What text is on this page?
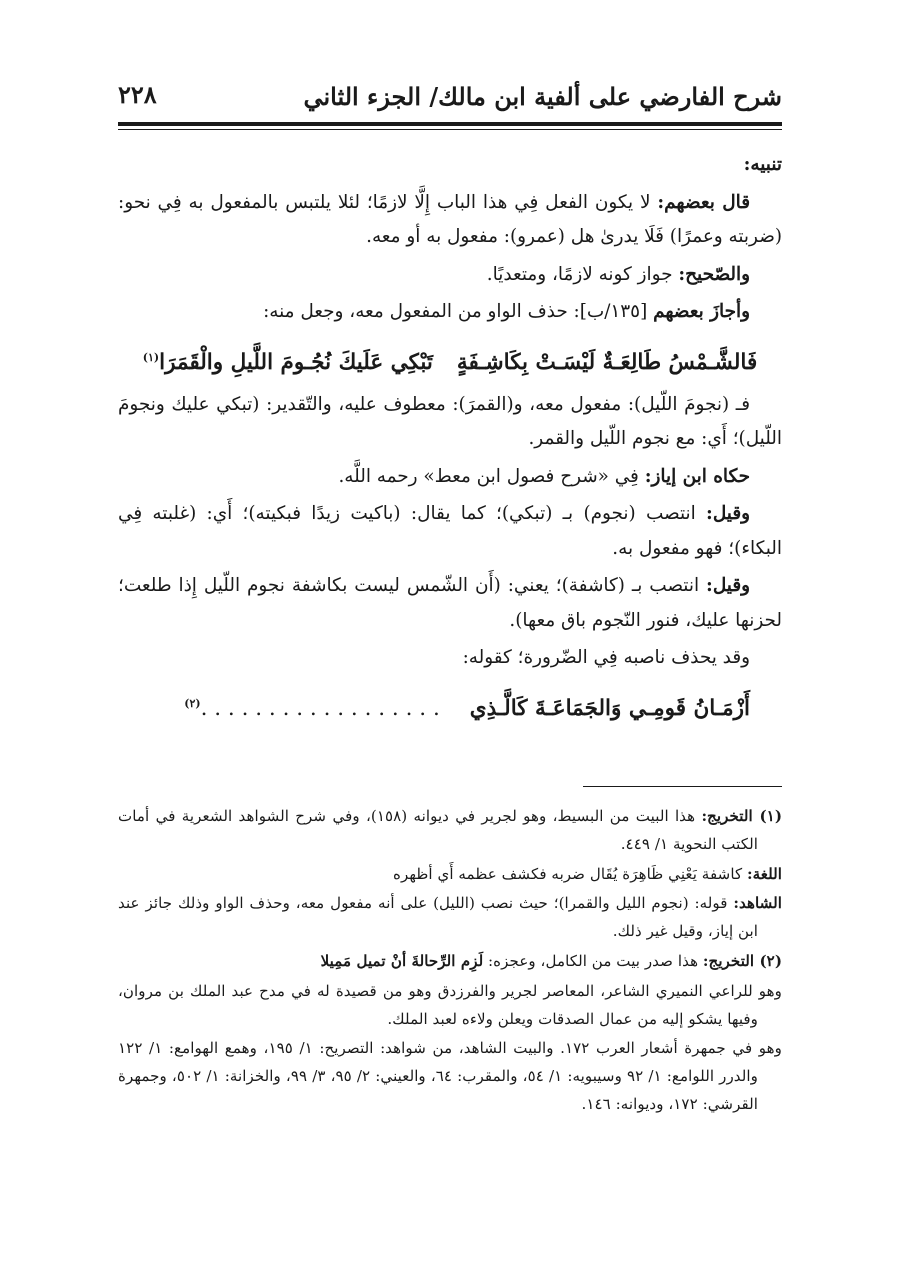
شرح الفارضي على ألفية ابن مالك/ الجزء الثاني
٢٢٨

تنبيه:

قال بعضهم: لا يكون الفعل فِي هذا الباب إِلَّا لازمًا؛ لئلا يلتبس بالمفعول به فِي نحو: (ضربته وعمرًا) فَلَا يدرىٰ هل (عمرو): مفعول به أو معه.

والصّحيح: جواز كونه لازمًا، ومتعديًا.

وأجازَ بعضهم [١٣٥/ب]: حذف الواو من المفعول معه، وجعل منه:

فَالشَّـمْسُ طَالِعَـةٌ لَيْسَـتْ بِكَاشِـفَةٍتَبْكِي عَلَيكَ نُجُـومَ اللَّيلِ والْقَمَرَا$^{(١)}$

فـ (نجومَ اللّيل): مفعول معه، و(القمرَ): معطوف عليه، والتّقدير: (تبكي عليك ونجومَ اللّيل)؛ أَي: مع نجوم اللّيل والقمر.

حكاه ابن إياز: فِي «شرح فصول ابن معط» رحمه اللَّه.

وقيل: انتصب (نجوم) بـ (تبكي)؛ كما يقال: (باكيت زيدًا فبكيته)؛ أَي: (غلبته فِي البكاء)؛ فهو مفعول به.

وقيل: انتصب بـ (كاشفة)؛ يعني: (أَن الشّمس ليست بكاشفة نجوم اللّيل إِذا طلعت؛ لحزنها عليك، فنور النّجوم باق معها).

وقد يحذف ناصبه فِي الضّرورة؛ كقوله:

أَزْمَـانُ قَومِـي وَالجَمَاعَـةَ كَالَّـذِي    . . . . . . . . . . . . . . . . . .$^{(٢)}$

(١) التخريج: هذا البيت من البسيط، وهو لجرير في ديوانه (١٥٨)، وفي شرح الشواهد الشعرية في أمات الكتب النحوية ١/ ٤٤٩.

اللغة: كاشفة يَعْنِي ظَاهِرَة يُقَال ضربه فكشف عظمه أَي أظهره

الشاهد: قوله: (نجوم الليل والقمرا)؛ حيث نصب (الليل) على أنه مفعول معه، وحذف الواو وذلك جائز عند ابن إياز، وقيل غير ذلك.

(٢) التخريج: هذا صدر بيت من الكامل، وعجزه: لَزِم الرِّحالةَ أنْ تميل مَمِيلا

وهو للراعي النميري الشاعر، المعاصر لجرير والفرزدق وهو من قصيدة له في مدح عبد الملك بن مروان، وفيها يشكو إليه من عمال الصدقات ويعلن ولاءه لعبد الملك.

وهو في جمهرة أشعار العرب ١٧٢. والبيت الشاهد، من شواهد: التصريح: ١/ ١٩٥، وهمع الهوامع: ١/ ١٢٢ والدرر اللوامع: ١/ ٩٢ وسيبويه: ١/ ٥٤، والمقرب: ٦٤، والعيني: ٢/ ٩٥، ٣/ ٩٩، والخزانة: ١/ ٥٠٢، وجمهرة القرشي: ١٧٢، وديوانه: ١٤٦.
